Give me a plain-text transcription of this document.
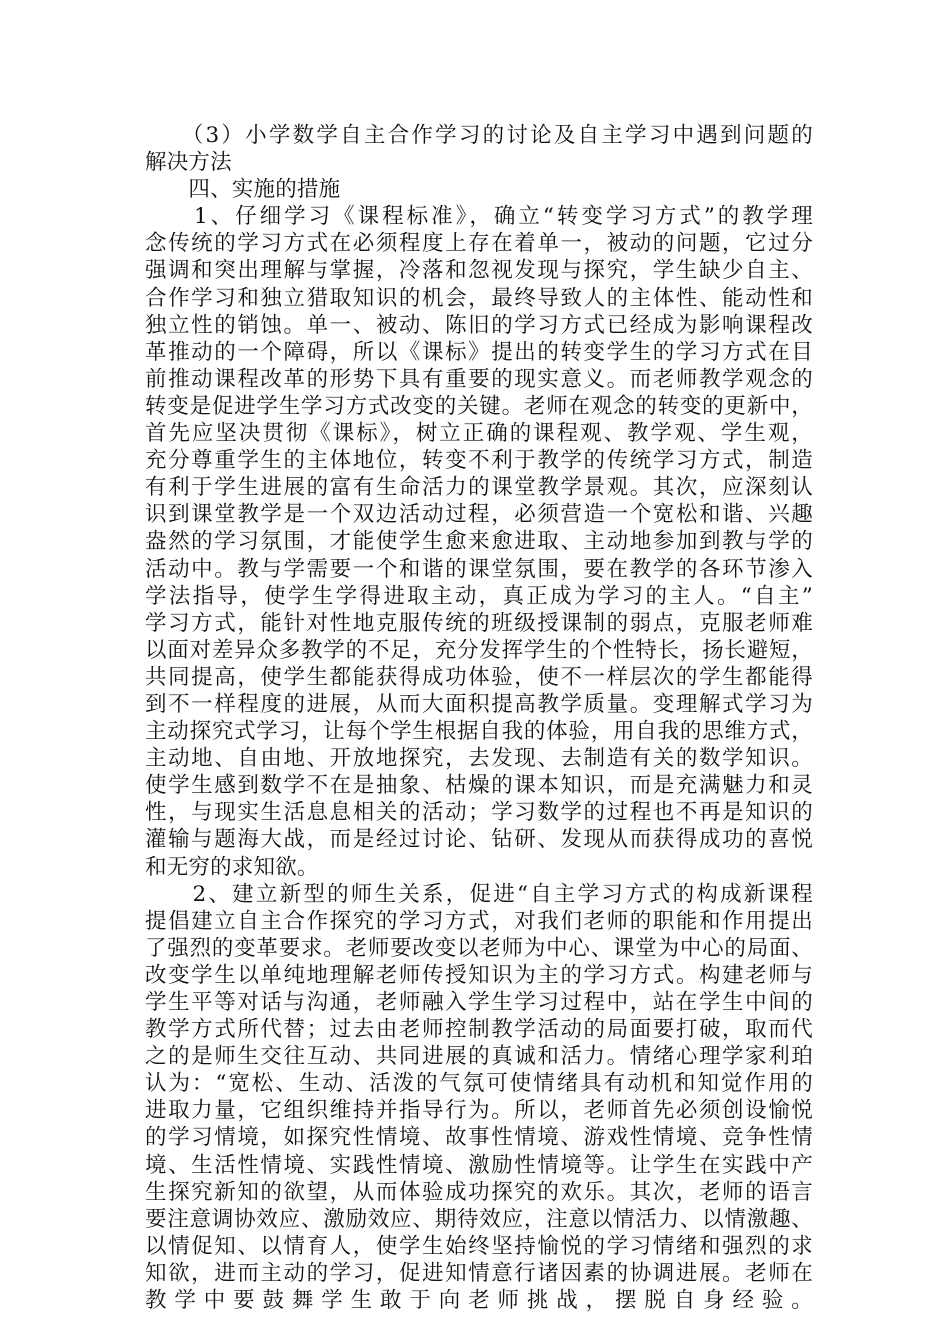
　　（3）小学数学自主合作学习的讨论及自主学习中遇到问题的
解决方法
　　四、实施的措施
　　1、仔细学习《课程标准》，确立“转变学习方式”的教学理
念传统的学习方式在必须程度上存在着单一，被动的问题，它过分
强调和突出理解与掌握，冷落和忽视发现与探究，学生缺少自主、
合作学习和独立猎取知识的机会，最终导致人的主体性、能动性和
独立性的销蚀。单一、被动、陈旧的学习方式已经成为影响课程改
革推动的一个障碍，所以《课标》提出的转变学生的学习方式在目
前推动课程改革的形势下具有重要的现实意义。而老师教学观念的
转变是促进学生学习方式改变的关键。老师在观念的转变的更新中，
首先应坚决贯彻《课标》，树立正确的课程观、教学观、学生观，
充分尊重学生的主体地位，转变不利于教学的传统学习方式，制造
有利于学生进展的富有生命活力的课堂教学景观。其次，应深刻认
识到课堂教学是一个双边活动过程，必须营造一个宽松和谐、兴趣
盎然的学习氛围，才能使学生愈来愈进取、主动地参加到教与学的
活动中。教与学需要一个和谐的课堂氛围，要在教学的各环节渗入
学法指导，使学生学得进取主动，真正成为学习的主人。“自主”
学习方式，能针对性地克服传统的班级授课制的弱点，克服老师难
以面对差异众多教学的不足，充分发挥学生的个性特长，扬长避短，
共同提高，使学生都能获得成功体验，使不一样层次的学生都能得
到不一样程度的进展，从而大面积提高教学质量。变理解式学习为
主动探究式学习，让每个学生根据自我的体验，用自我的思维方式，
主动地、自由地、开放地探究，去发现、去制造有关的数学知识。
使学生感到数学不在是抽象、枯燥的课本知识，而是充满魅力和灵
性，与现实生活息息相关的活动；学习数学的过程也不再是知识的
灌输与题海大战，而是经过讨论、钻研、发现从而获得成功的喜悦
和无穷的求知欲。
　　2、建立新型的师生关系，促进“自主学习方式的构成新课程
提倡建立自主合作探究的学习方式，对我们老师的职能和作用提出
了强烈的变革要求。老师要改变以老师为中心、课堂为中心的局面、
改变学生以单纯地理解老师传授知识为主的学习方式。构建老师与
学生平等对话与沟通，老师融入学生学习过程中，站在学生中间的
教学方式所代替；过去由老师控制教学活动的局面要打破，取而代
之的是师生交往互动、共同进展的真诚和活力。情绪心理学家利珀
认为：“宽松、生动、活泼的气氛可使情绪具有动机和知觉作用的
进取力量，它组织维持并指导行为。所以，老师首先必须创设愉悦
的学习情境，如探究性情境、故事性情境、游戏性情境、竞争性情
境、生活性情境、实践性情境、激励性情境等。让学生在实践中产
生探究新知的欲望，从而体验成功探究的欢乐。其次，老师的语言
要注意调协效应、激励效应、期待效应，注意以情活力、以情激趣、
以情促知、以情育人，使学生始终坚持愉悦的学习情绪和强烈的求
知欲，进而主动的学习，促进知情意行诸因素的协调进展。老师在
教学中要鼓舞学生敢于向老师挑战，摆脱自身经验。
